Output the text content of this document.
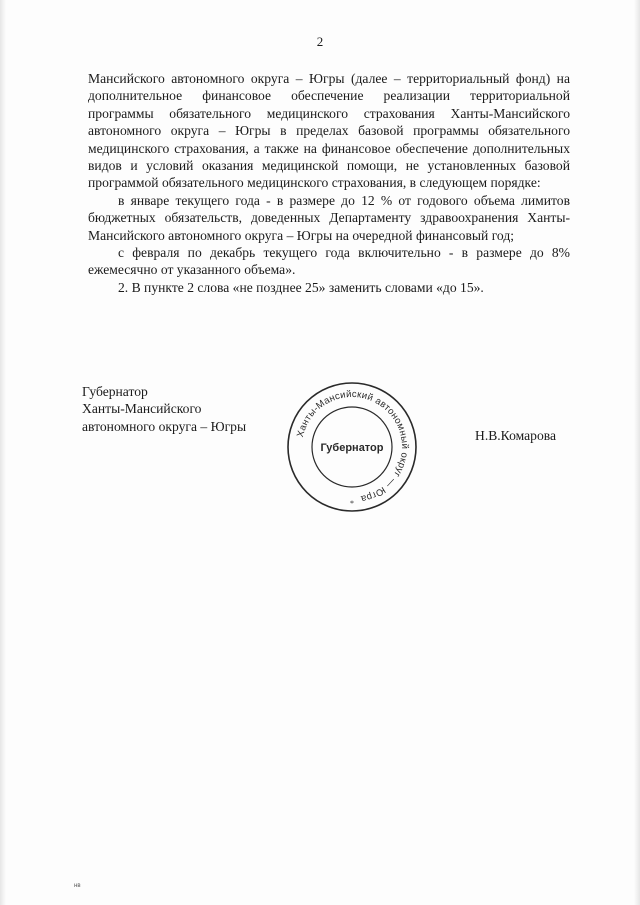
2

Мансийского автономного округа – Югры (далее – территориальный фонд) на дополнительное финансовое обеспечение реализации территориальной программы обязательного медицинского страхования Ханты-Мансийского автономного округа – Югры в пределах базовой программы обязательного медицинского страхования, а также на финансовое обеспечение дополнительных видов и условий оказания медицинской помощи, не установленных базовой программой обязательного медицинского страхования, в следующем порядке:

в январе текущего года - в размере до 12 % от годового объема лимитов бюджетных обязательств, доведенных Департаменту здравоохранения Ханты-Мансийского автономного округа – Югры на очередной финансовый год;

с февраля по декабрь текущего года включительно - в размере до 8% ежемесячно от указанного объема».

2. В пункте 2 слова «не позднее 25» заменить словами «до 15».

Губернатор
Ханты-Мансийского
автономного округа – Югры
Ханты-Мансийский автономный округ — Югра
Губернатор
*
Н.В.Комарова
нв
